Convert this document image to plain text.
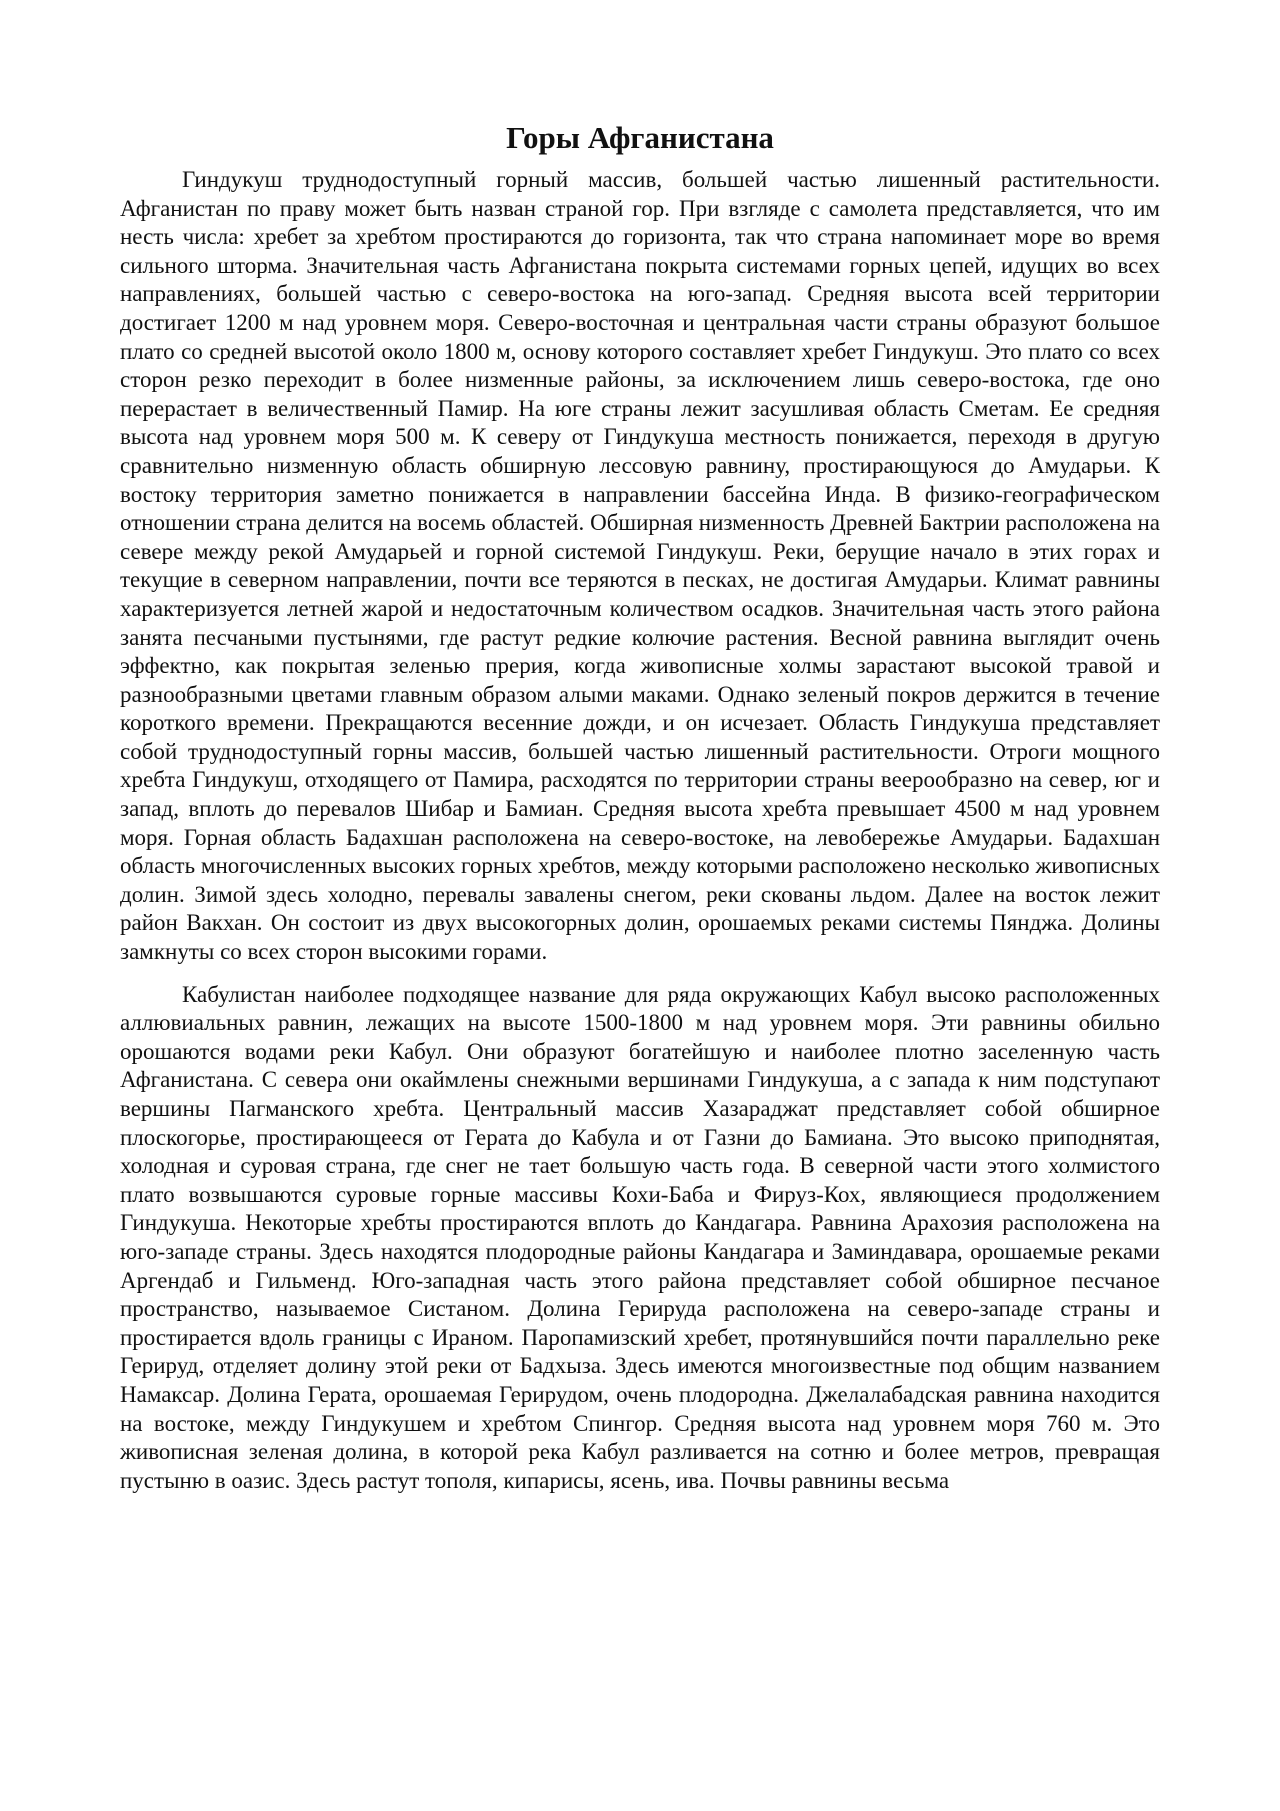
Горы Афганистана

Гиндукуш труднодоступный горный массив, большей частью лишенный растительности. Афганистан по праву может быть назван страной гор. При взгляде с самолета представляется, что им несть числа: хребет за хребтом простираются до горизонта, так что страна напоминает море во время сильного шторма. Значительная часть Афганистана покрыта системами горных цепей, идущих во всех направлениях, большей частью с северо-востока на юго-запад. Средняя высота всей территории достигает 1200 м над уровнем моря. Северо-восточная и центральная части страны образуют большое плато со средней высотой около 1800 м, основу которого составляет хребет Гиндукуш. Это плато со всех сторон резко переходит в более низменные районы, за исключением лишь северо-востока, где оно перерастает в величественный Памир. На юге страны лежит засушливая область Сметам. Ее средняя высота над уровнем моря 500 м. К северу от Гиндукуша местность понижается, переходя в другую сравнительно низменную область обширную лессовую равнину, простирающуюся до Амударьи. К востоку территория заметно понижается в направлении бассейна Инда. В физико-географическом отношении страна делится на восемь областей. Обширная низменность Древней Бактрии расположена на севере между рекой Амударьей и горной системой Гиндукуш. Реки, берущие начало в этих горах и текущие в северном направлении, почти все теряются в песках, не достигая Амударьи. Климат равнины характеризуется летней жарой и недостаточным количеством осадков. Значительная часть этого района занята песчаными пустынями, где растут редкие колючие растения. Весной равнина выглядит очень эффектно, как покрытая зеленью прерия, когда живописные холмы зарастают высокой травой и разнообразными цветами главным образом алыми маками. Однако зеленый покров держится в течение короткого времени. Прекращаются весенние дожди, и он исчезает. Область Гиндукуша представляет собой труднодоступный горны массив, большей частью лишенный растительности. Отроги мощного хребта Гиндукуш, отходящего от Памира, расходятся по территории страны веерообразно на север, юг и запад, вплоть до перевалов Шибар и Бамиан. Средняя высота хребта превышает 4500 м над уровнем моря. Горная область Бадахшан расположена на северо-востоке, на левобережье Амударьи. Бадахшан область многочисленных высоких горных хребтов, между которыми расположено несколько живописных долин. Зимой здесь холодно, перевалы завалены снегом, реки скованы льдом. Далее на восток лежит район Вакхан. Он состоит из двух высокогорных долин, орошаемых реками системы Пянджа. Долины замкнуты со всех сторон высокими горами.

Кабулистан наиболее подходящее название для ряда окружающих Кабул высоко расположенных аллювиальных равнин, лежащих на высоте 1500-1800 м над уровнем моря. Эти равнины обильно орошаются водами реки Кабул. Они образуют богатейшую и наиболее плотно заселенную часть Афганистана. С севера они окаймлены снежными вершинами Гиндукуша, а с запада к ним подступают вершины Пагманского хребта. Центральный массив Хазараджат представляет собой обширное плоскогорье, простирающееся от Герата до Кабула и от Газни до Бамиана. Это высоко приподнятая, холодная и суровая страна, где снег не тает большую часть года. В северной части этого холмистого плато возвышаются суровые горные массивы Кохи-Баба и Фируз-Кох, являющиеся продолжением Гиндукуша. Некоторые хребты простираются вплоть до Кандагара. Равнина Арахозия расположена на юго-западе страны. Здесь находятся плодородные районы Кандагара и Заминдавара, орошаемые реками Аргендаб и Гильменд. Юго-западная часть этого района представляет собой обширное песчаное пространство, называемое Систаном. Долина Герируда расположена на северо-западе страны и простирается вдоль границы с Ираном. Паропамизский хребет, протянувшийся почти параллельно реке Герируд, отделяет долину этой реки от Бадхыза. Здесь имеются многоизвестные под общим названием Намаксар. Долина Герата, орошаемая Герирудом, очень плодородна. Джелалабадская равнина находится на востоке, между Гиндукушем и хребтом Спингор. Средняя высота над уровнем моря 760 м. Это живописная зеленая долина, в которой река Кабул разливается на сотню и более метров, превращая пустыню в оазис. Здесь растут тополя, кипарисы, ясень, ива. Почвы равнины весьма
